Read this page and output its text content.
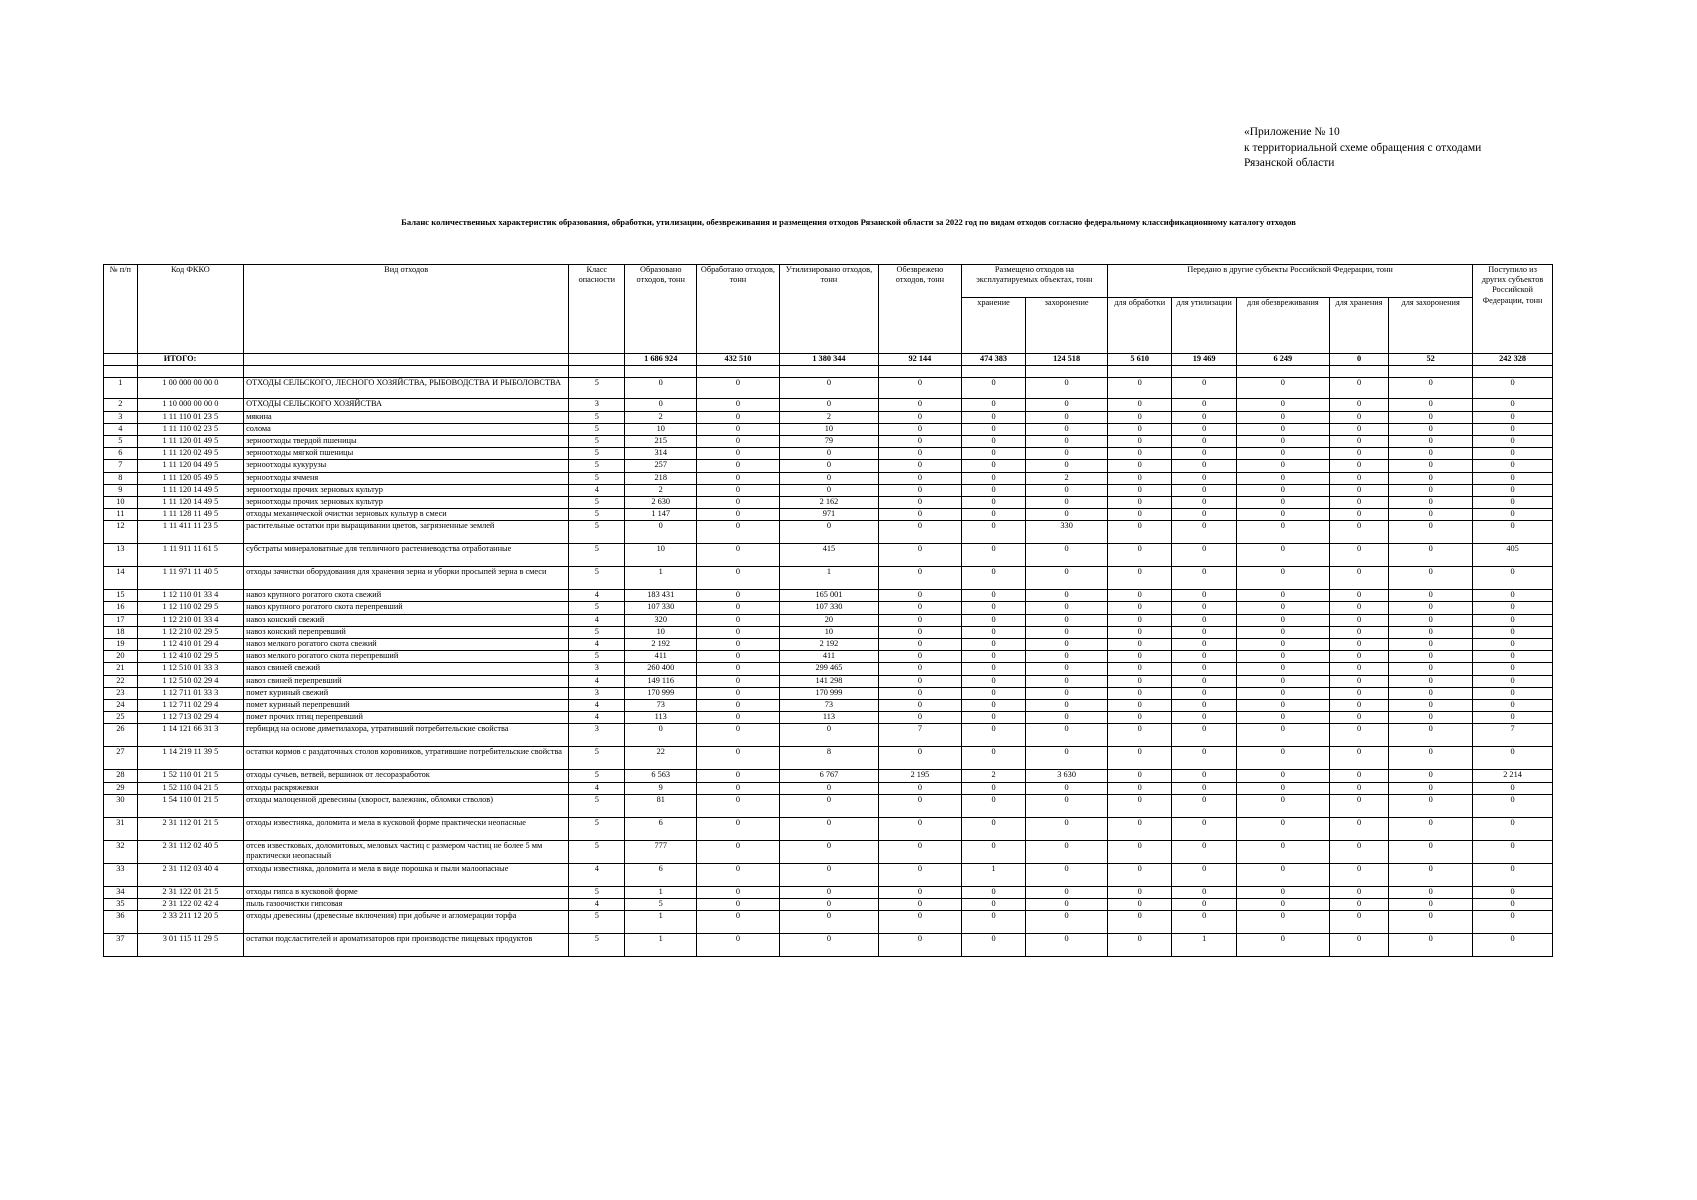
«Приложение № 10
к территориальной схеме обращения с отходами
Рязанской области
Баланс количественных характеристик образования, обработки, утилизации, обезвреживания и размещения отходов Рязанской области за 2022 год по видам отходов согласно федеральному классификационному каталогу отходов
№ п/п	Код ФККО	Вид отходов	Класс опасности	Образовано отходов, тонн	Обработано отходов, тонн	Утилизировано отходов, тонн	Обезврежено отходов, тонн	Размещено отходов на эксплуатируемых объектах, тонн		Передано в другие субъекты Российской Федерации, тонн					Поступило из других субъектов Российской Федерации, тонн
								хранение	захоронение	для обработки	для утилизации	для обезвреживания	для хранения	для захоронения	

	ИТОГО:			1 686 924	432 510	1 380 344	92 144	474 383	124 518	5 610	19 469	6 249	0	52	242 328

1	1 00 000 00 00 0	ОТХОДЫ СЕЛЬСКОГО, ЛЕСНОГО ХОЗЯЙСТВА, РЫБОВОДСТВА И РЫБОЛОВСТВА	5	0	0	0	0	0	0	0	0	0	0	0	0
2	1 10 000 00 00 0	ОТХОДЫ СЕЛЬСКОГО ХОЗЯЙСТВА	3	0	0	0	0	0	0	0	0	0	0	0	0
3	1 11 110 01 23 5	мякина	5	2	0	2	0	0	0	0	0	0	0	0	0
4	1 11 110 02 23 5	солома	5	10	0	10	0	0	0	0	0	0	0	0	0
5	1 11 120 01 49 5	зерноотходы твердой пшеницы	5	215	0	79	0	0	0	0	0	0	0	0	0
6	1 11 120 02 49 5	зерноотходы мягкой пшеницы	5	314	0	0	0	0	0	0	0	0	0	0	0
7	1 11 120 04 49 5	зерноотходы кукурузы	5	257	0	0	0	0	0	0	0	0	0	0	0
8	1 11 120 05 49 5	зерноотходы ячменя	5	218	0	0	0	0	2	0	0	0	0	0	0
9	1 11 120 14 49 5	зерноотходы прочих зерновых культур	4	2	0	0	0	0	0	0	0	0	0	0	0
10	1 11 120 14 49 5	зерноотходы прочих зерновых культур	5	2 630	0	2 162	0	0	0	0	0	0	0	0	0
11	1 11 128 11 49 5	отходы механической очистки зерновых культур в смеси	5	1 147	0	971	0	0	0	0	0	0	0	0	0
12	1 11 411 11 23 5	растительные остатки при выращивании цветов, загрязненные землей	5	0	0	0	0	0	330	0	0	0	0	0	0
13	1 11 911 11 61 5	субстраты минераловатные для тепличного растениеводства отработанные	5	10	0	415	0	0	0	0	0	0	0	0	405
14	1 11 971 11 40 5	отходы зачистки оборудования для хранения зерна и уборки просыпей зерна в смеси	5	1	0	1	0	0	0	0	0	0	0	0	0
15	1 12 110 01 33 4	навоз крупного рогатого скота свежий	4	183 431	0	165 001	0	0	0	0	0	0	0	0	0
16	1 12 110 02 29 5	навоз крупного рогатого скота перепревший	5	107 330	0	107 330	0	0	0	0	0	0	0	0	0
17	1 12 210 01 33 4	навоз конский свежий	4	320	0	20	0	0	0	0	0	0	0	0	0
18	1 12 210 02 29 5	навоз конский перепревший	5	10	0	10	0	0	0	0	0	0	0	0	0
19	1 12 410 01 29 4	навоз мелкого рогатого скота свежий	4	2 192	0	2 192	0	0	0	0	0	0	0	0	0
20	1 12 410 02 29 5	навоз мелкого рогатого скота перепревший	5	411	0	411	0	0	0	0	0	0	0	0	0
21	1 12 510 01 33 3	навоз свиней свежий	3	260 400	0	299 465	0	0	0	0	0	0	0	0	0
22	1 12 510 02 29 4	навоз свиней перепревший	4	149 116	0	141 298	0	0	0	0	0	0	0	0	0
23	1 12 711 01 33 3	помет куриный свежий	3	170 999	0	170 999	0	0	0	0	0	0	0	0	0
24	1 12 711 02 29 4	помет куриный перепревший	4	73	0	73	0	0	0	0	0	0	0	0	0
25	1 12 713 02 29 4	помет прочих птиц перепревший	4	113	0	113	0	0	0	0	0	0	0	0	0
26	1 14 121 66 31 3	гербицид на основе диметилахора, утративший потребительские свойства	3	0	0	0	7	0	0	0	0	0	0	0	7
27	1 14 219 11 39 5	остатки кормов с раздаточных столов коровников, утратившие потребительские свойства	5	22	0	8	0	0	0	0	0	0	0	0	0
28	1 52 110 01 21 5	отходы сучьев, ветвей, вершинок от лесоразработок	5	6 563	0	6 767	2 195	2	3 630	0	0	0	0	0	2 214
29	1 52 110 04 21 5	отходы раскряжевки	4	9	0	0	0	0	0	0	0	0	0	0	0
30	1 54 110 01 21 5	отходы малоценной древесины (хворост, валежник, обломки стволов)	5	81	0	0	0	0	0	0	0	0	0	0	0
31	2 31 112 01 21 5	отходы известняка, доломита и мела в кусковой форме практически неопасные	5	6	0	0	0	0	0	0	0	0	0	0	0
32	2 31 112 02 40 5	отсев известковых, доломитовых, меловых частиц с размером частиц не более 5 мм практически неопасный	5	777	0	0	0	0	0	0	0	0	0	0	0
33	2 31 112 03 40 4	отходы известняка, доломита и мела в виде порошка и пыли малоопасные	4	6	0	0	0	1	0	0	0	0	0	0	0
34	2 31 122 01 21 5	отходы гипса в кусковой форме	5	1	0	0	0	0	0	0	0	0	0	0	0
35	2 31 122 02 42 4	пыль газоочистки гипсовая	4	5	0	0	0	0	0	0	0	0	0	0	0
36	2 33 211 12 20 5	отходы древесины (древесные включения) при добыче и агломерации торфа	5	1	0	0	0	0	0	0	0	0	0	0	0
37	3 01 115 11 29 5	остатки подсластителей и ароматизаторов при производстве пищевых продуктов	5	1	0	0	0	0	0	0	1	0	0	0	0
